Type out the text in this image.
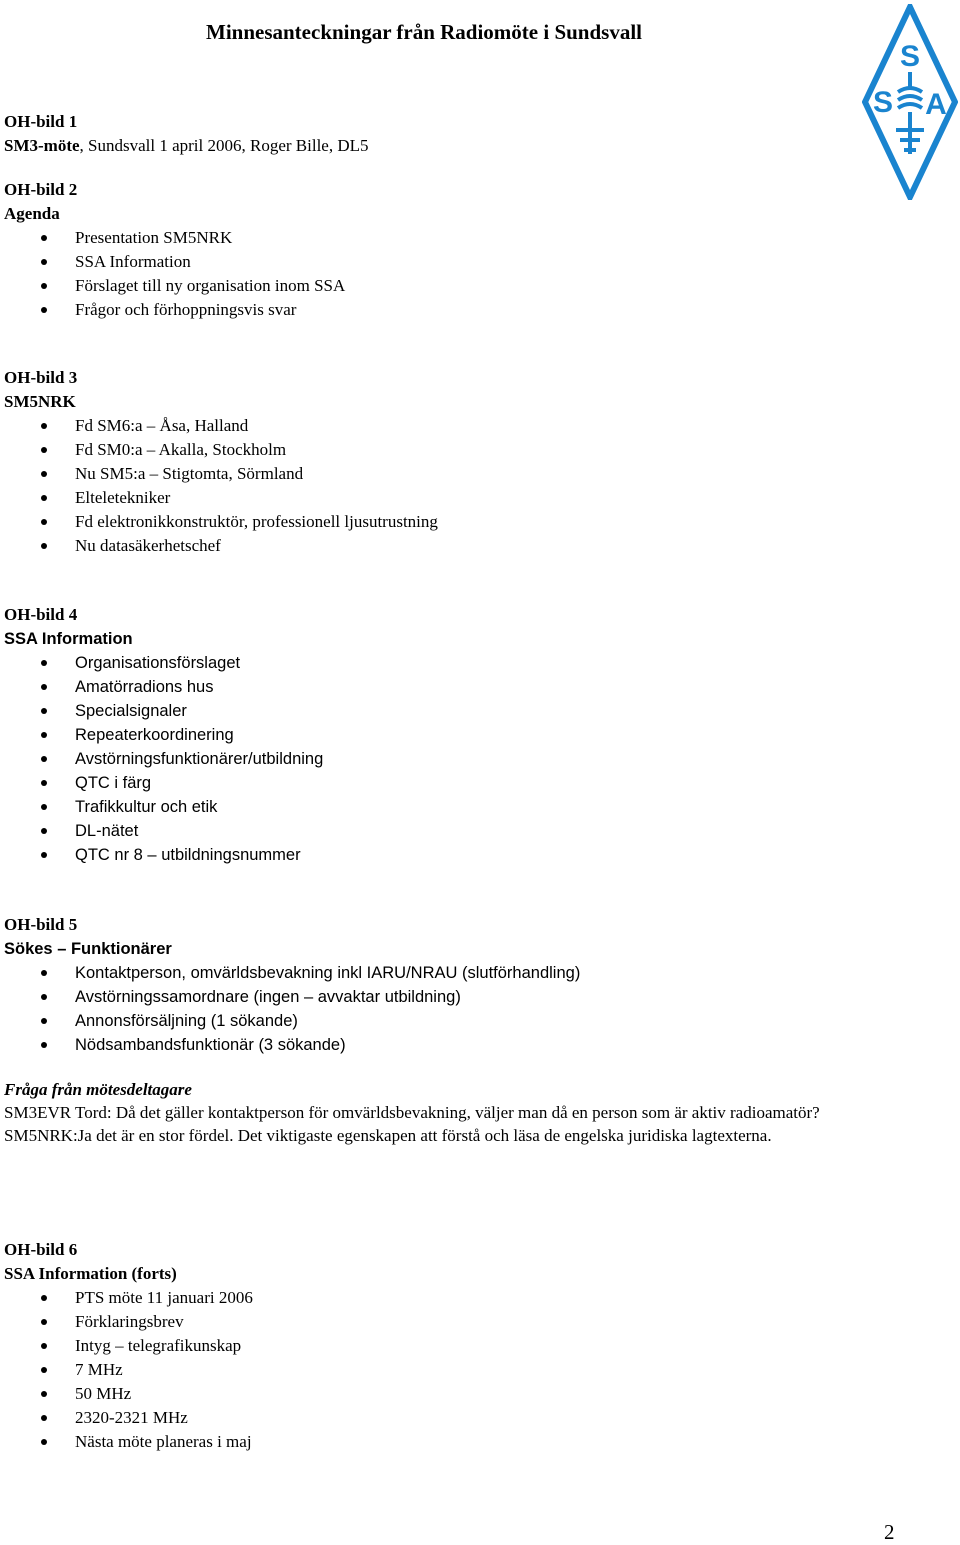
Minnesanteckningar från Radiomöte i Sundsvall
S
S A
OH-bild 1
SM3-möte, Sundsvall 1 april 2006, Roger Bille, DL5
OH-bild 2
Agenda
Presentation SM5NRK
SSA Information
Förslaget till ny organisation inom SSA
Frågor och förhoppningsvis svar
OH-bild 3
SM5NRK
Fd SM6:a – Åsa, Halland
Fd SM0:a – Akalla, Stockholm
Nu SM5:a – Stigtomta, Sörmland
Elteletekniker
Fd elektronikkonstruktör, professionell ljusutrustning
Nu datasäkerhetschef
OH-bild 4
SSA Information
Organisationsförslaget
Amatörradions hus
Specialsignaler
Repeaterkoordinering
Avstörningsfunktionärer/utbildning
QTC i färg
Trafikkultur och etik
DL-nätet
QTC nr 8 – utbildningsnummer
OH-bild 5
Sökes – Funktionärer
Kontaktperson, omvärldsbevakning inkl IARU/NRAU (slutförhandling)
Avstörningssamordnare (ingen – avvaktar utbildning)
Annonsförsäljning (1 sökande)
Nödsambandsfunktionär (3 sökande)

Fråga från mötesdeltagare

SM3EVR Tord: Då det gäller kontaktperson för omvärldsbevakning, väljer man då en person som är aktiv radioamatör?

SM5NRK:Ja det är en stor fördel. Det viktigaste egenskapen att förstå och läsa de engelska juridiska lagtexterna.

OH-bild 6
SSA Information (forts)
PTS möte 11 januari 2006
Förklaringsbrev
Intyg – telegrafikunskap
7 MHz
50 MHz
2320-2321 MHz
Nästa möte planeras i maj
2
